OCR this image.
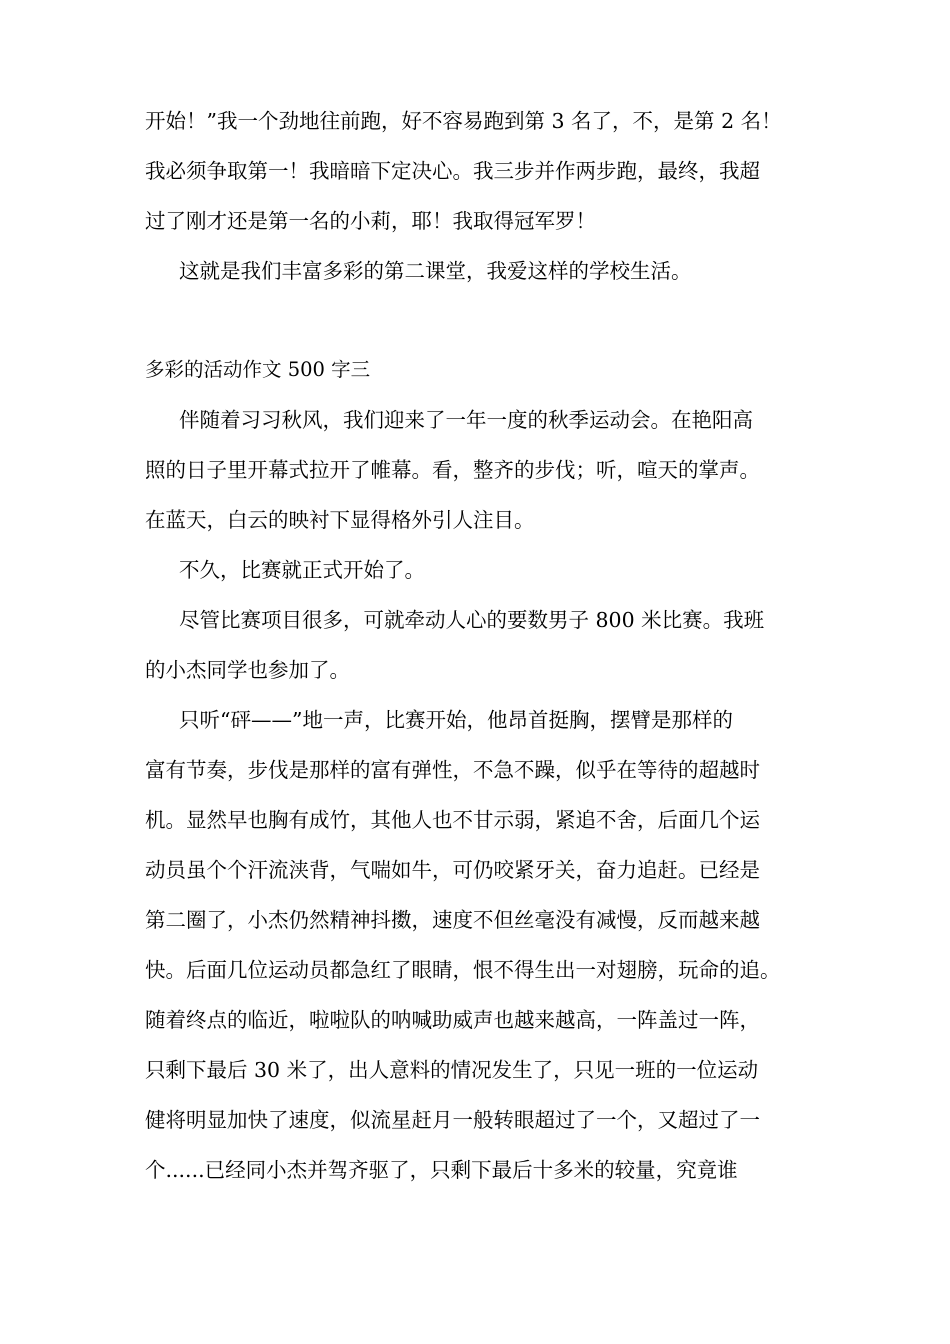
开始！”我一个劲地往前跑，好不容易跑到第 3 名了，不，是第 2 名！
我必须争取第一！我暗暗下定决心。我三步并作两步跑，最终，我超
过了刚才还是第一名的小莉，耶！我取得冠军罗！
这就是我们丰富多彩的第二课堂，我爱这样的学校生活。
多彩的活动作文 500 字三
伴随着习习秋风，我们迎来了一年一度的秋季运动会。在艳阳高
照的日子里开幕式拉开了帷幕。看，整齐的步伐；听，喧天的掌声。
在蓝天，白云的映衬下显得格外引人注目。
不久，比赛就正式开始了。
尽管比赛项目很多，可就牵动人心的要数男子 800 米比赛。我班
的小杰同学也参加了。
只听“砰——”地一声，比赛开始，他昂首挺胸，摆臂是那样的
富有节奏，步伐是那样的富有弹性，不急不躁，似乎在等待的超越时
机。显然早也胸有成竹，其他人也不甘示弱，紧追不舍，后面几个运
动员虽个个汗流浃背，气喘如牛，可仍咬紧牙关，奋力追赶。已经是
第二圈了，小杰仍然精神抖擞，速度不但丝毫没有减慢，反而越来越
快。后面几位运动员都急红了眼睛，恨不得生出一对翅膀，玩命的追。
随着终点的临近，啦啦队的呐喊助威声也越来越高，一阵盖过一阵，
只剩下最后 30 米了，出人意料的情况发生了，只见一班的一位运动
健将明显加快了速度，似流星赶月一般转眼超过了一个，又超过了一
个......已经同小杰并驾齐驱了，只剩下最后十多米的较量，究竟谁
